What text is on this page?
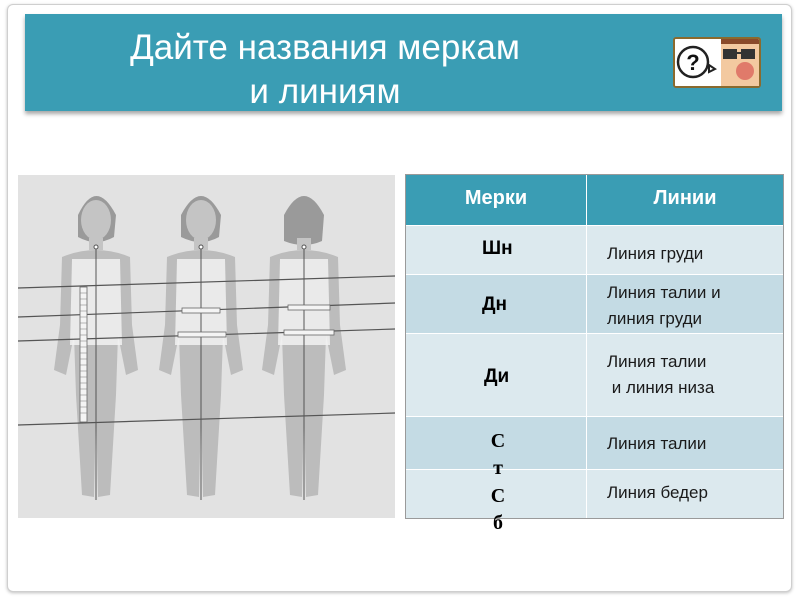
Дайте названия меркам
и линиям
?
Мерки	Линии
Шн	Линия груди
Дн
Линия талии и
линия груди
Ди
Линия талии
и линия низа
Линия талии
Линия бедер
С
т
С
б
